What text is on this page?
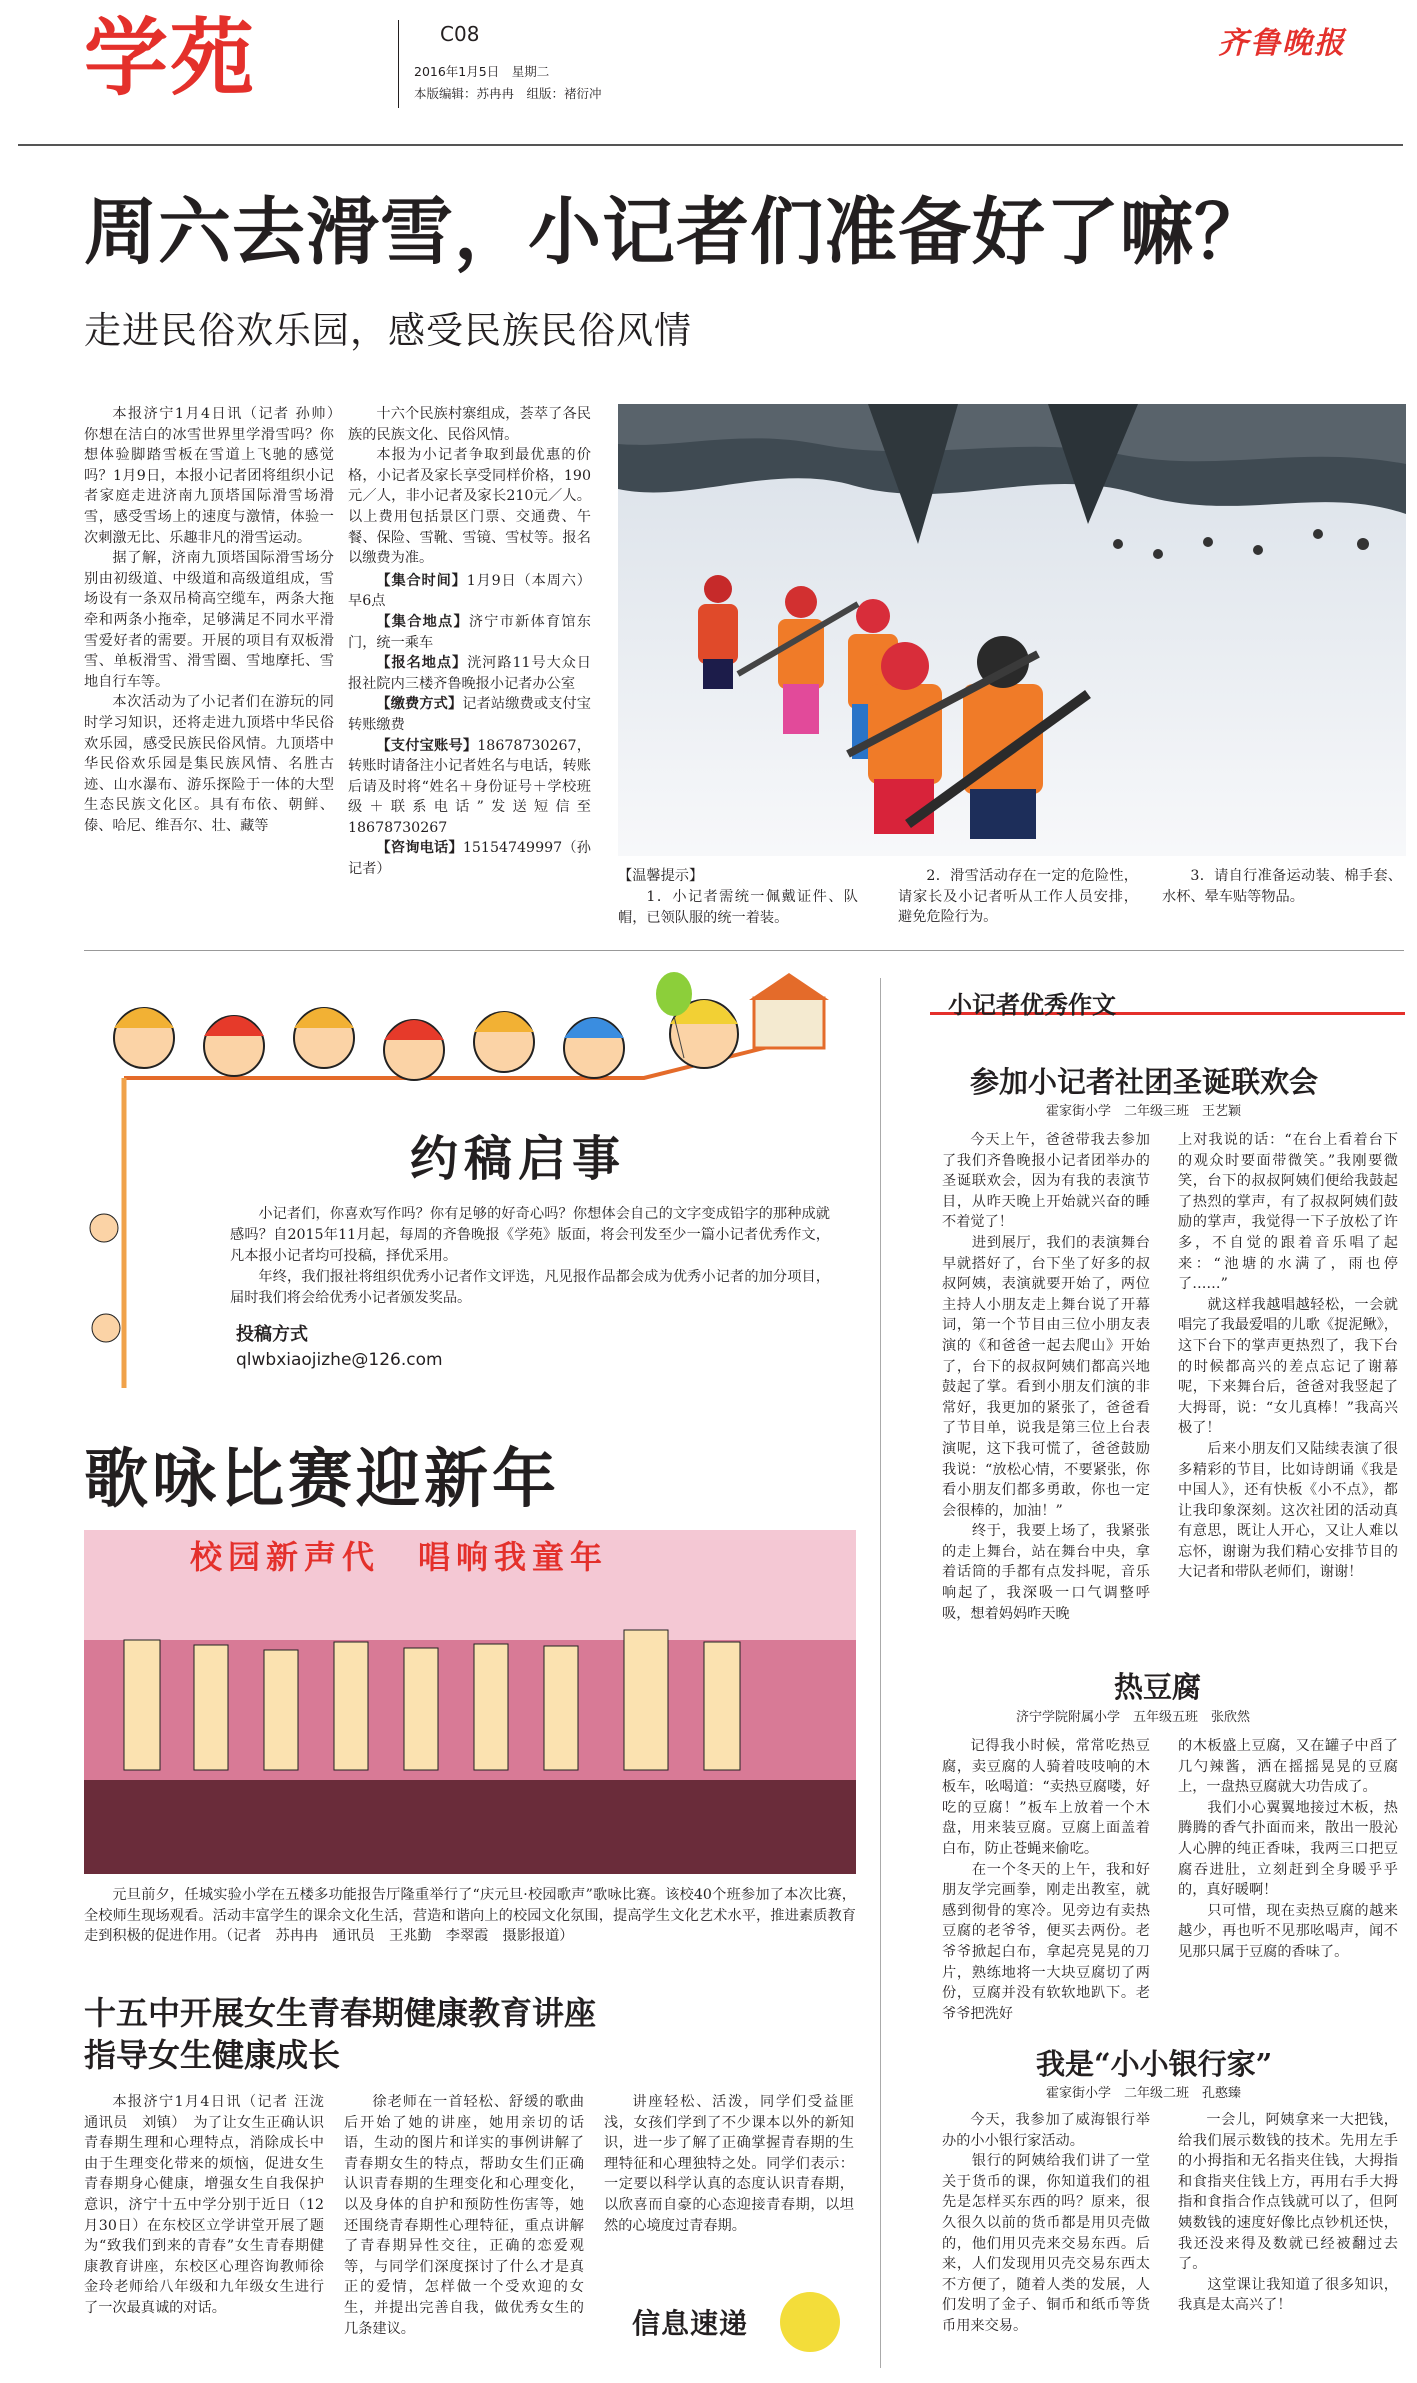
学苑	C08
2016年1月5日　星期二
本版编辑：苏冉冉　组版：褚衍冲
齐鲁晚报
周六去滑雪，小记者们准备好了嘛？
走进民俗欢乐园，感受民族民俗风情

本报济宁1月4日讯（记者 孙帅）　你想在洁白的冰雪世界里学滑雪吗？你想体验脚踏雪板在雪道上飞驰的感觉吗？1月9日，本报小记者团将组织小记者家庭走进济南九顶塔国际滑雪场滑雪，感受雪场上的速度与激情，体验一次刺激无比、乐趣非凡的滑雪运动。

据了解，济南九顶塔国际滑雪场分别由初级道、中级道和高级道组成，雪场设有一条双吊椅高空缆车，两条大拖牵和两条小拖牵，足够满足不同水平滑雪爱好者的需要。开展的项目有双板滑雪、单板滑雪、滑雪圈、雪地摩托、雪地自行车等。

本次活动为了小记者们在游玩的同时学习知识，还将走进九顶塔中华民俗欢乐园，感受民族民俗风情。九顶塔中华民俗欢乐园是集民族风情、名胜古迹、山水瀑布、游乐探险于一体的大型生态民族文化区。具有布依、朝鲜、傣、哈尼、维吾尔、壮、藏等

十六个民族村寨组成，荟萃了各民族的民族文化、民俗风情。

本报为小记者争取到最优惠的价格，小记者及家长享受同样价格，190元／人，非小记者及家长210元／人。以上费用包括景区门票、交通费、午餐、保险、雪靴、雪镜、雪杖等。报名以缴费为准。

【集合时间】1月9日（本周六）早6点

【集合地点】济宁市新体育馆东门，统一乘车

【报名地点】洸河路11号大众日报社院内三楼齐鲁晚报小记者办公室

【缴费方式】记者站缴费或支付宝转账缴费

【支付宝账号】18678730267，转账时请备注小记者姓名与电话，转账后请及时将“姓名＋身份证号＋学校班级＋联系电话”发送短信至18678730267

【咨询电话】15154749997（孙记者）	【温馨提示】
1．小记者需统一佩戴证件、队帽，已领队服的统一着装。
2．滑雪活动存在一定的危险性，请家长及小记者听从工作人员安排，避免危险行为。
3．请自行准备运动装、棉手套、水杯、晕车贴等物品。
约稿启事

小记者们，你喜欢写作吗？你有足够的好奇心吗？你想体会自己的文字变成铅字的那种成就感吗？自2015年11月起，每周的齐鲁晚报《学苑》版面，将会刊发至少一篇小记者优秀作文，凡本报小记者均可投稿，择优采用。

年终，我们报社将组织优秀小记者作文评选，凡见报作品都会成为优秀小记者的加分项目，届时我们将会给优秀小记者颁发奖品。

投稿方式
qlwbxiaojizhe@126.com
歌咏比赛迎新年
校园新声代　唱响我童年
元旦前夕，任城实验小学在五楼多功能报告厅隆重举行了“庆元旦·校园歌声”歌咏比赛。该校40个班参加了本次比赛，全校师生现场观看。活动丰富学生的课余文化生活，营造和谐向上的校园文化氛围，提高学生文化艺术水平，推进素质教育走到积极的促进作用。（记者　苏冉冉　通讯员　王兆勤　李翠霞　摄影报道）
十五中开展女生青春期健康教育讲座
指导女生健康成长
本报济宁1月4日讯（记者 汪泷　通讯员　刘镇）　为了让女生正确认识青春期生理和心理特点，消除成长中由于生理变化带来的烦恼，促进女生青春期身心健康，增强女生自我保护意识，济宁十五中学分别于近日（12月30日）在东校区立学讲堂开展了题为“致我们到来的青春”女生青春期健康教育讲座，东校区心理咨询教师徐金玲老师给八年级和九年级女生进行了一次最真诚的对话。
徐老师在一首轻松、舒缓的歌曲后开始了她的讲座，她用亲切的话语，生动的图片和详实的事例讲解了青春期女生的特点，帮助女生们正确认识青春期的生理变化和心理变化，以及身体的自护和预防性伤害等，她还围绕青春期性心理特征，重点讲解了青春期异性交往，正确的恋爱观等，与同学们深度探讨了什么才是真正的爱情，怎样做一个受欢迎的女生，并提出完善自我，做优秀女生的几条建议。
讲座轻松、活泼，同学们受益匪浅，女孩们学到了不少课本以外的新知识，进一步了解了正确掌握青春期的生理特征和心理独特之处。同学们表示：一定要以科学认真的态度认识青春期，以欣喜而自豪的心态迎接青春期，以坦然的心境度过青春期。
信息速递
小记者优秀作文
参加小记者社团圣诞联欢会
霍家街小学　二年级三班　王艺颖
今天上午，爸爸带我去参加了我们齐鲁晚报小记者团举办的圣诞联欢会，因为有我的表演节目，从昨天晚上开始就兴奋的睡不着觉了！
　　进到展厅，我们的表演舞台早就搭好了，台下坐了好多的叔叔阿姨，表演就要开始了，两位主持人小朋友走上舞台说了开幕词，第一个节目由三位小朋友表演的《和爸爸一起去爬山》开始了，台下的叔叔阿姨们都高兴地鼓起了掌。看到小朋友们演的非常好，我更加的紧张了，爸爸看了节目单，说我是第三位上台表演呢，这下我可慌了，爸爸鼓励我说：“放松心情，不要紧张，你看小朋友们都多勇敢，你也一定会很棒的，加油！”
　　终于，我要上场了，我紧张的走上舞台，站在舞台中央，拿着话筒的手都有点发抖呢，音乐响起了，我深吸一口气调整呼吸，想着妈妈昨天晚
上对我说的话：“在台上看着台下的观众时要面带微笑。”我刚要微笑，台下的叔叔阿姨们便给我鼓起了热烈的掌声，有了叔叔阿姨们鼓励的掌声，我觉得一下子放松了许多，不自觉的跟着音乐唱了起来：“池塘的水满了，雨也停了……”
　　就这样我越唱越轻松，一会就唱完了我最爱唱的儿歌《捉泥鳅》，这下台下的掌声更热烈了，我下台的时候都高兴的差点忘记了谢幕呢，下来舞台后，爸爸对我竖起了大拇哥，说：“女儿真棒！”我高兴极了！
　　后来小朋友们又陆续表演了很多精彩的节目，比如诗朗诵《我是中国人》，还有快板《小不点》，都让我印象深刻。这次社团的活动真有意思，既让人开心，又让人难以忘怀，谢谢为我们精心安排节目的大记者和带队老师们，谢谢！
热豆腐
济宁学院附属小学　五年级五班　张欣然
记得我小时候，常常吃热豆腐，卖豆腐的人骑着吱吱响的木板车，吆喝道：“卖热豆腐喽，好吃的豆腐！”板车上放着一个木盘，用来装豆腐。豆腐上面盖着白布，防止苍蝇来偷吃。
　　在一个冬天的上午，我和好朋友学完画拳，刚走出教室，就感到彻骨的寒冷。见旁边有卖热豆腐的老爷爷，便买去两份。老爷爷掀起白布，拿起亮晃晃的刀片，熟练地将一大块豆腐切了两份，豆腐并没有软软地趴下。老爷爷把洗好
的木板盛上豆腐，又在罐子中舀了几勺辣酱，洒在摇摇晃晃的豆腐上，一盘热豆腐就大功告成了。
　　我们小心翼翼地接过木板，热腾腾的香气扑面而来，散出一股沁人心脾的纯正香味，我两三口把豆腐吞进肚，立刻赶到全身暖乎乎的，真好暖啊！
　　只可惜，现在卖热豆腐的越来越少，再也听不见那吆喝声，闻不见那只属于豆腐的香味了。
我是“小小银行家”
霍家街小学　二年级二班　孔憨臻
今天，我参加了威海银行举办的小小银行家活动。
　　银行的阿姨给我们讲了一堂关于货币的课，你知道我们的祖先是怎样买东西的吗？原来，很久很久以前的货币都是用贝壳做的，他们用贝壳来交易东西。后来，人们发现用贝壳交易东西太不方便了，随着人类的发展，人们发明了金子、铜币和纸币等货币用来交易。
一会儿，阿姨拿来一大把钱，给我们展示数钱的技术。先用左手的小拇指和无名指夹住钱，大拇指和食指夹住钱上方，再用右手大拇指和食指合作点钱就可以了，但阿姨数钱的速度好像比点钞机还快，我还没来得及数就已经被翻过去了。
　　这堂课让我知道了很多知识，我真是太高兴了！
